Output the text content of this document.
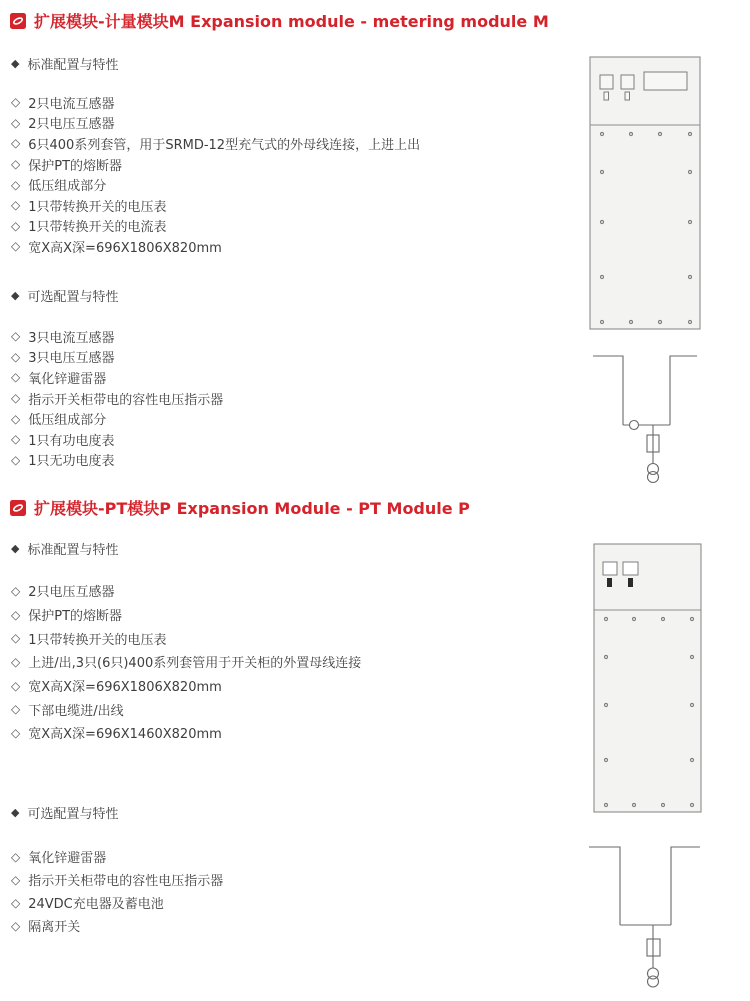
扩展模块-计量模块M Expansion module - metering module M
◆ 标准配置与特性
◇ 2只电流互感器
◇ 2只电压互感器
◇ 6只400系列套管，用于SRMD-12型充气式的外母线连接，上进上出
◇ 保护PT的熔断器
◇ 低压组成部分
◇ 1只带转换开关的电压表
◇ 1只带转换开关的电流表
◇ 宽X高X深=696X1806X820mm
◆ 可选配置与特性
◇ 3只电流互感器
◇ 3只电压互感器
◇ 氧化锌避雷器
◇ 指示开关柜带电的容性电压指示器
◇ 低压组成部分
◇ 1只有功电度表
◇ 1只无功电度表
扩展模块-PT模块P Expansion Module - PT Module P
◆ 标准配置与特性
◇ 2只电压互感器
◇ 保护PT的熔断器
◇ 1只带转换开关的电压表
◇ 上进/出,3只(6只)400系列套管用于开关柜的外置母线连接
◇ 宽X高X深=696X1806X820mm
◇ 下部电缆进/出线
◇ 宽X高X深=696X1460X820mm
◆ 可选配置与特性
◇ 氧化锌避雷器
◇ 指示开关柜带电的容性电压指示器
◇ 24VDC充电器及蓄电池
◇ 隔离开关
